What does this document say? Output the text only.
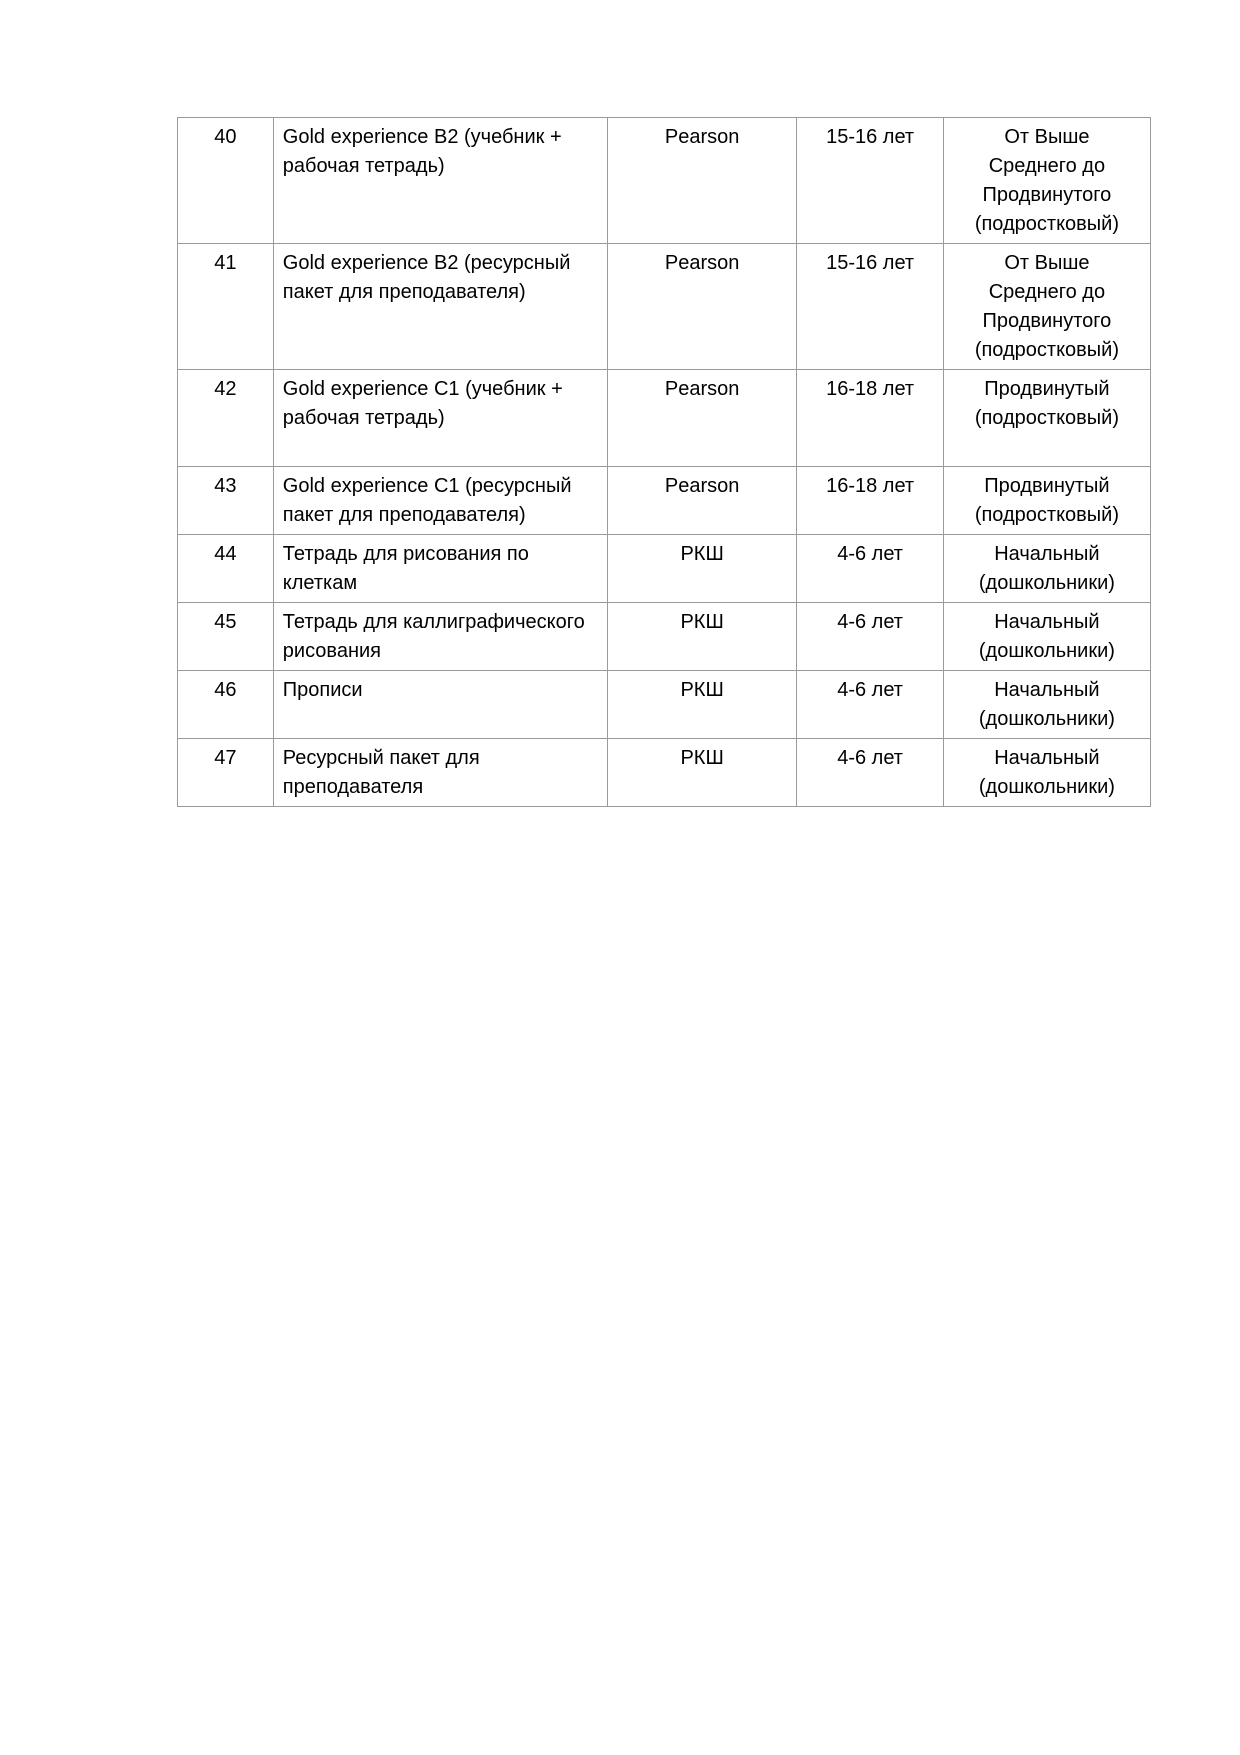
40	Gold experience B2 (учебник +
рабочая тетрадь)	Pearson	15-16 лет	От Выше
Среднего до
Продвинутого
(подростковый)

41	Gold experience B2 (ресурсный
пакет для преподавателя)	Pearson	15-16 лет	От Выше
Среднего до
Продвинутого
(подростковый)

42	Gold experience C1 (учебник +
рабочая тетрадь)	Pearson	16-18 лет	Продвинутый
(подростковый)

43	Gold experience C1 (ресурсный
пакет для преподавателя)	Pearson	16-18 лет	Продвинутый
(подростковый)

44	Тетрадь для рисования по
клеткам	РКШ	4-6 лет	Начальный
(дошкольники)

45	Тетрадь для каллиграфического
рисования	РКШ	4-6 лет	Начальный
(дошкольники)

46	Прописи	РКШ	4-6 лет	Начальный
(дошкольники)

47	Ресурсный пакет для
преподавателя	РКШ	4-6 лет	Начальный
(дошкольники)
